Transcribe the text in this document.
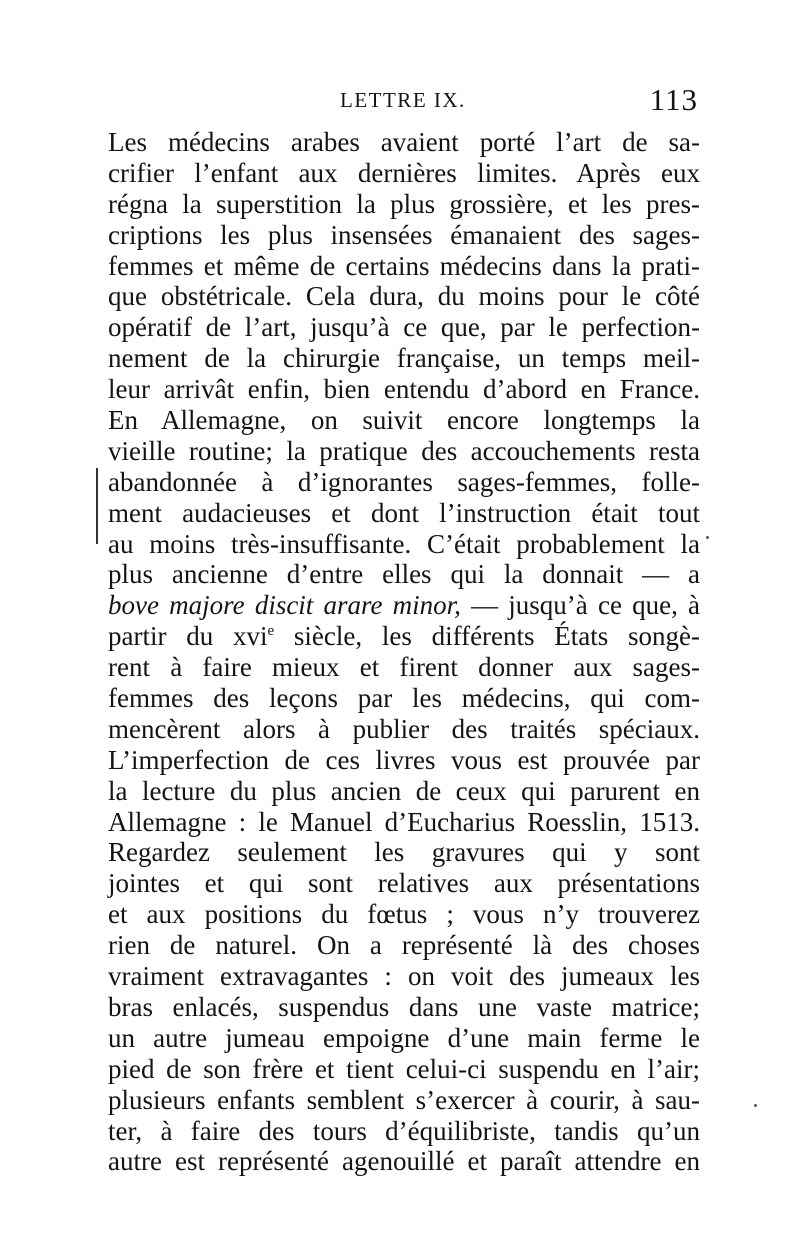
LETTRE IX.	113
Les médecins arabes avaient porté l’art de sa-
crifier l’enfant aux dernières limites. Après eux
régna la superstition la plus grossière, et les pres-
criptions les plus insensées émanaient des sages-
femmes et même de certains médecins dans la prati-
que obstétricale. Cela dura, du moins pour le côté
opératif de l’art, jusqu’à ce que, par le perfection-
nement de la chirurgie française, un temps meil-
leur arrivât enfin, bien entendu d’abord en France.
En Allemagne, on suivit encore longtemps la
vieille routine; la pratique des accouchements resta
abandonnée à d’ignorantes sages-femmes, folle-
ment audacieuses et dont l’instruction était tout
au moins très-insuffisante. C’était probablement la
plus ancienne d’entre elles qui la donnait — a
bove majore discit arare minor, — jusqu’à ce que, à
partir du xvi$^e$ siècle, les différents États songè-
rent à faire mieux et firent donner aux sages-
femmes des leçons par les médecins, qui com-
mencèrent alors à publier des traités spéciaux.
L’imperfection de ces livres vous est prouvée par
la lecture du plus ancien de ceux qui parurent en
Allemagne : le Manuel d’Eucharius Roesslin, 1513.
Regardez seulement les gravures qui y sont
jointes et qui sont relatives aux présentations
et aux positions du fœtus ; vous n’y trouverez
rien de naturel. On a représenté là des choses
vraiment extravagantes : on voit des jumeaux les
bras enlacés, suspendus dans une vaste matrice;
un autre jumeau empoigne d’une main ferme le
pied de son frère et tient celui-ci suspendu en l’air;
plusieurs enfants semblent s’exercer à courir, à sau-
ter, à faire des tours d’équilibriste, tandis qu’un
autre est représenté agenouillé et paraît attendre en
